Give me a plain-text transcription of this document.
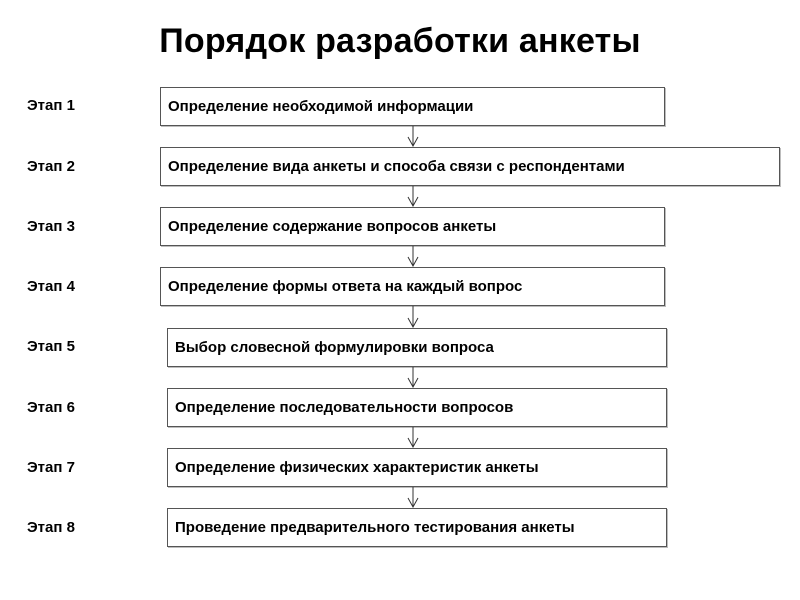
Порядок разработки анкеты
Этап 1
Этап 2
Этап 3
Этап 4
Этап 5
Этап 6
Этап 7
Этап 8
Определение необходимой информации
Определение вида анкеты и способа связи с респондентами
Определение содержание вопросов анкеты
Определение формы ответа на каждый вопрос
Выбор словесной формулировки вопроса
Определение последовательности вопросов
Определение физических характеристик анкеты
Проведение предварительного тестирования анкеты
